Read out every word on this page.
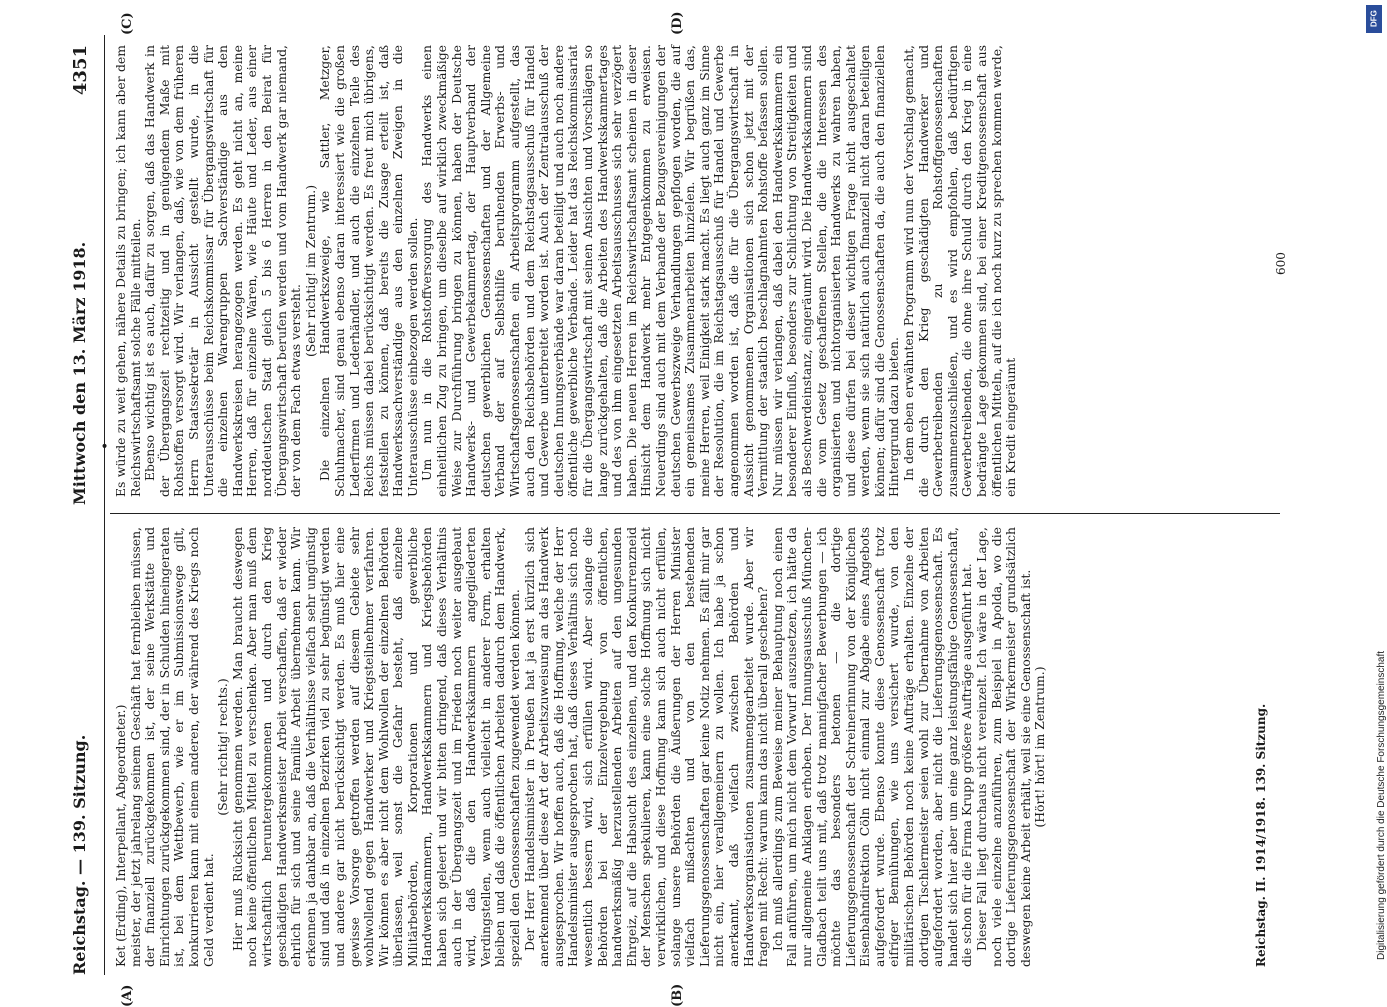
Reichstag. — 139. Sitzung.
Mittwoch den 13. März 1918.
4351
•
(A)	(B)
(C)	(D)

Ket (Erding), Interpellant, Abgeordneter.) meister, der jetzt jahrelang seinem Geschäft hat fernbleiben müssen, der finanziell zurückgekommen ist, der seine Werkstätte und Einrichtungen zurückgekommen sind, der in Schulden hineingeraten ist, bei dem Wettbewerb, wie er im Submissionswege gilt, konkurrieren kann mit einem anderen, der während des Kriegs noch Geld verdient hat.

(Sehr richtig! rechts.) Hier muß Rücksicht genommen werden. Man braucht deswegen noch keine öffentlichen Mittel zu verschenken. Aber man muß dem wirtschaftlich heruntergekommenen und durch den Krieg geschädigten Handwerksmeister Arbeit verschaffen, daß er wieder ehrlich für sich und seine Familie Arbeit übernehmen kann. Wir erkennen ja dankbar an, daß die Verhältnisse vielfach sehr ungünstig sind und daß in einzelnen Bezirken viel zu sehr begünstigt werden und andere gar nicht berücksichtigt werden. Es muß hier eine gewisse Vorsorge getroffen werden auf diesem Gebiete sehr wohlwollend gegen Handwerker und Kriegsteilnehmer verfahren. Wir können es aber nicht dem Wohlwollen der einzelnen Behörden überlassen, weil sonst die Gefahr besteht, daß einzelne Militärbehörden, Korporationen und gewerbliche Handwerkskammern, Handwerkskammern und Kriegsbehörden haben sich geleert und wir bitten dringend, daß dieses Verhältnis auch in der Übergangszeit und im Frieden noch weiter ausgebaut wird, daß die den Handwerkskammern angegliederten Verdingstellen, wenn auch vielleicht in anderer Form, erhalten bleiben und daß die öffentlichen Arbeiten dadurch dem Handwerk, speziell den Genossenschaften zugewendet werden können. Der Herr Handelsminister in Preußen hat ja erst kürzlich sich anerkennend über diese Art der Arbeitszuweisung an das Handwerk ausgesprochen. Wir hoffen auch, daß die Hoffnung, welche der Herr Handelsminister ausgesprochen hat, daß dieses Verhältnis sich noch wesentlich bessern wird, sich erfüllen wird. Aber solange die Behörden bei der Einzelvergebung von öffentlichen, handwerksmäßig herzustellenden Arbeiten auf den ungesunden Ehrgeiz, auf die Habsucht des einzelnen, und den Konkurrenzneid der Menschen spekulieren, kann eine solche Hoffnung sich nicht verwirklichen, und diese Hoffnung kann sich auch nicht erfüllen, solange unsere Behörden die Äußerungen der Herren Minister vielfach mißachten und von den bestehenden Lieferungsgenossenschaften gar keine Notiz nehmen. Es fällt mir gar nicht ein, hier verallgemeinern zu wollen. Ich habe ja schon anerkannt, daß vielfach zwischen Behörden und Handwerksorganisationen zusammengearbeitet wurde. Aber wir fragen mit Recht: warum kann das nicht überall geschehen? Ich muß allerdings zum Beweise meiner Behauptung noch einen Fall anführen, um mich nicht dem Vorwurf auszusetzen, ich hätte da nur allgemeine Anklagen erhoben. Der Innungsausschuß München-Gladbach teilt uns mit, daß trotz mannigfacher Bewerbungen — ich möchte das besonders betonen — die dortige Lieferungsgenossenschaft der Schreinerinnung von der Königlichen Eisenbahndirektion Cöln nicht einmal zur Abgabe eines Angebots aufgefordert wurde. Ebenso konnte diese Genossenschaft trotz eifriger Bemühungen, wie uns versichert wurde, von den militärischen Behörden noch keine Aufträge erhalten. Einzelne der dortigen Tischlermeister seien wohl zur Übernahme von Arbeiten aufgefordert worden, aber nicht die Lieferungsgenossenschaft. Es handelt sich hier aber um eine ganz leistungsfähige Genossenschaft, die schon für die Firma Krupp größere Aufträge ausgeführt hat. Dieser Fall liegt durchaus nicht vereinzelt. Ich wäre in der Lage, noch viele einzelne anzuführen, zum Beispiel in Apolda, wo die dortige Lieferungsgenossenschaft der Wirkermeister grundsätzlich deswegen keine Arbeit erhält, weil sie eine Genossenschaft ist. (Hört! hört! im Zentrum.)

Es würde zu weit gehen, nähere Details zu bringen; ich kann aber dem Reichswirtschaftsamt solche Fälle mitteilen. Ebenso wichtig ist es auch, dafür zu sorgen, daß das Handwerk in der Übergangszeit rechtzeitig und in genügendem Maße mit Rohstoffen versorgt wird. Wir verlangen, daß, wie von dem früheren Herrn Staatssekretär in Aussicht gestellt wurde, in die Unterausschüsse beim Reichskommissar für Übergangswirtschaft für die einzelnen Warengruppen Sachverständige aus den Handwerkskreisen herangezogen werden. Es geht nicht an, meine Herren, daß für einzelne Waren, wie Häute und Leder, aus einer norddeutschen Stadt gleich 5 bis 6 Herren in den Beirat für Übergangswirtschaft berufen werden und vom Handwerk gar niemand, der von dem Fach etwas versteht.

(Sehr richtig! im Zentrum.) Die einzelnen Handwerkszweige, wie Sattler, Metzger, Schuhmacher, sind genau ebenso daran interessiert wie die großen Lederfirmen und Lederhändler, und auch die einzelnen Teile des Reichs müssen dabei berücksichtigt werden. Es freut mich übrigens, feststellen zu können, daß bereits die Zusage erteilt ist, daß Handwerkssachverständige aus den einzelnen Zweigen in die Unterausschüsse einbezogen werden sollen. Um nun in die Rohstoffversorgung des Handwerks einen einheitlichen Zug zu bringen, um dieselbe auf wirklich zweckmäßige Weise zur Durchführung bringen zu können, haben der Deutsche Handwerks- und Gewerbekammertag, der Hauptverband der deutschen gewerblichen Genossenschaften und der Allgemeine Verband der auf Selbsthilfe beruhenden Erwerbs- und Wirtschaftsgenossenschaften ein Arbeitsprogramm aufgestellt, das auch den Reichsbehörden und dem Reichstagsausschuß für Handel und Gewerbe unterbreitet worden ist. Auch der Zentralausschuß der deutschen Innungsverbände war daran beteiligt und auch noch andere öffentliche gewerbliche Verbände. Leider hat das Reichskommissariat für die Übergangswirtschaft mit seinen Ansichten und Vorschlägen so lange zurückgehalten, daß die Arbeiten des Handwerkskammertages und des von ihm eingesetzten Arbeitsausschusses sich sehr verzögert haben. Die neuen Herren im Reichswirtschaftsamt scheinen in dieser Hinsicht dem Handwerk mehr Entgegenkommen zu erweisen. Neuerdings sind auch mit dem Verbande der Bezugsvereinigungen der deutschen Gewerbszweige Verhandlungen gepflogen worden, die auf ein gemeinsames Zusammenarbeiten hinzielen. Wir begrüßen das, meine Herren, weil Einigkeit stark macht. Es liegt auch ganz im Sinne der Resolution, die im Reichstagsausschuß für Handel und Gewerbe angenommen worden ist, daß die für die Übergangswirtschaft in Aussicht genommenen Organisationen sich schon jetzt mit der Vermittlung der staatlich beschlagnahmten Rohstoffe befassen sollen. Nur müssen wir verlangen, daß dabei den Handwerkskammern ein besonderer Einfluß, besonders zur Schlichtung von Streitigkeiten und als Beschwerdeinstanz, eingeräumt wird. Die Handwerkskammern sind die vom Gesetz geschaffenen Stellen, die die Interessen des organisierten und nichtorganisierten Handwerks zu wahren haben, und diese dürfen bei dieser wichtigen Frage nicht ausgeschaltet werden, wenn sie sich natürlich auch finanziell nicht daran beteiligen können; dafür sind die Genossenschaften da, die auch den finanziellen Hintergrund dazu bieten. In dem eben erwähnten Programm wird nun der Vorschlag gemacht, die durch den Krieg geschädigten Handwerker und Gewerbetreibenden zu Rohstoffgenossenschaften zusammenzuschließen, und es wird empfohlen, daß bedürftigen Gewerbetreibenden, die ohne ihre Schuld durch den Krieg in eine bedrängte Lage gekommen sind, bei einer Kreditgenossenschaft aus öffentlichen Mitteln, auf die ich noch kurz zu sprechen kommen werde, ein Kredit eingeräumt

Reichstag. II. 1914/1918. 139. Sitzung.
600
Digitalisierung gefördert durch die Deutsche Forschungsgemeinschaft
DFG
